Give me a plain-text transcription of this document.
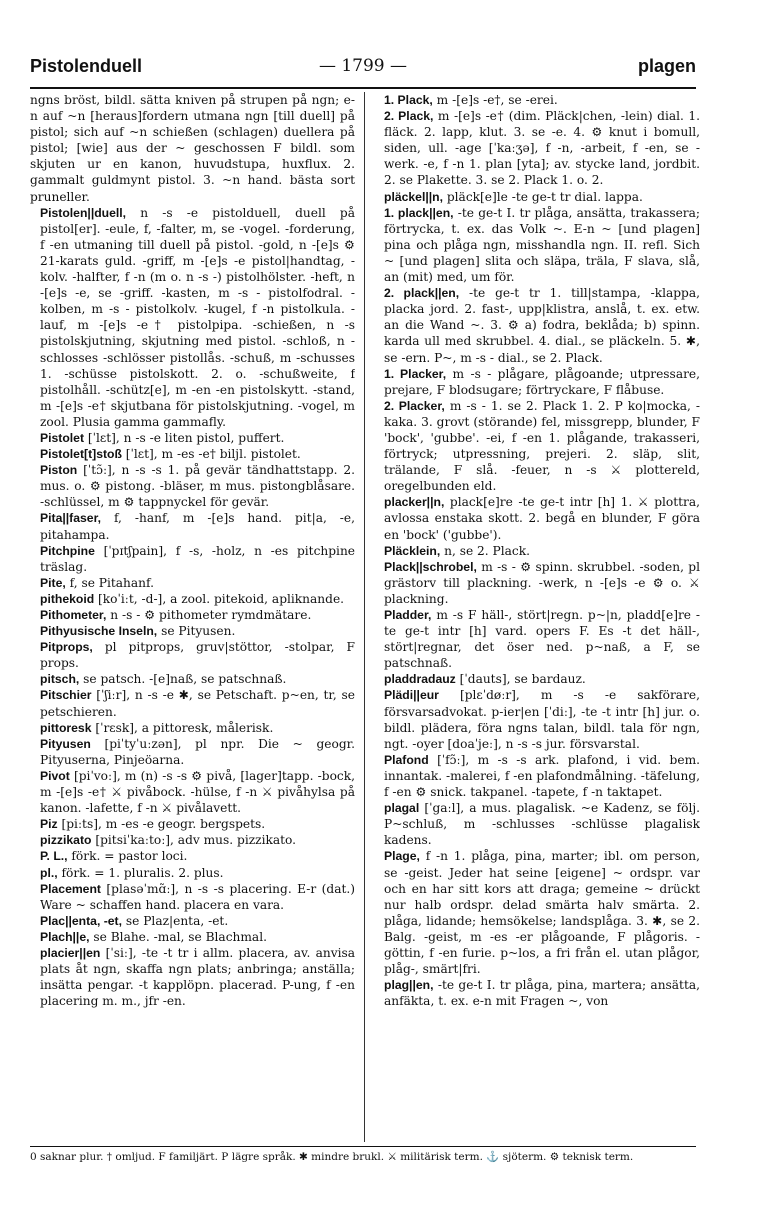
Pistolenduell	— 1799 —	plagen

ngns bröst, bildl. sätta kniven på strupen på ngn; e-n auf ~n [heraus]fordern utmana ngn [till duell] på pistol; sich auf ~n schießen (schlagen) duellera på pistol; [wie] aus der ~ geschossen F bildl. som skjuten ur en kanon, huvudstupa, huxflux. 2. gammalt guldmynt pistol. 3. ~n hand. bästa sort pruneller.

Pistolen||duell, n -s -e pistolduell, duell på pistol[er]. -eule, f, -falter, m, se -vogel. -forderung, f -en utmaning till duell på pistol. -gold, n -[e]s ⚙ 21-karats guld. -griff, m -[e]s -e pistol|handtag, -kolv. -halfter, f -n (m o. n -s -) pistolhölster. -heft, n -[e]s -e, se -griff. -kasten, m -s - pistolfodral. -kolben, m -s - pistolkolv. -kugel, f -n pistolkula. -lauf, m -[e]s -e† pistolpipa. -schießen, n -s pistolskjutning, skjutning med pistol. -schloß, n -schlosses -schlösser pistollås. -schuß, m -schusses 1. -schüsse pistolskott. 2. o. -schußweite, f pistolhåll. -schütz[e], m -en -en pistolskytt. -stand, m -[e]s -e† skjutbana för pistolskjutning. -vogel, m zool. Plusia gamma gammafly.

Pistolet [ˈlɛt], n -s -e liten pistol, puffert.

Pistolet[t]stoß [ˈlɛt], m -es -e† biljl. pistolet.

Piston [ˈtɔ̃ː], n -s -s 1. på gevär tändhattstapp. 2. mus. o. ⚙ pistong. -bläser, m mus. pistongblåsare. -schlüssel, m ⚙ tappnyckel för gevär.

Pita||faser, f, -hanf, m -[e]s hand. pit|a, -e, pitahampa.

Pitchpine [ˈpɪtʃpain], f -s, -holz, n -es pitchpine träslag.

Pite, f, se Pitahanf.

pithekoid [koˈiːt, -d-], a zool. pitekoid, apliknande.

Pithometer, n -s - ⚙ pithometer rymdmätare.

Pithyusische Inseln, se Pityusen.

Pitprops, pl pitprops, gruv|stöttor, -stolpar, F props.

pitsch, se patsch. -[e]naß, se patschnaß.

Pitschier [ˈʃiːr], n -s -e ✱, se Petschaft. p~en, tr, se petschieren.

pittoresk [ˈrɛsk], a pittoresk, målerisk.

Pityusen [piˈtyˈuːzən], pl npr. Die ~ geogr. Pityuserna, Pinjeöarna.

Pivot [piˈvoː], m (n) -s -s ⚙ pivå, [lager]tapp. -bock, m -[e]s -e† ⚔ pivåbock. -hülse, f -n ⚔ pivåhylsa på kanon. -lafette, f -n ⚔ pivålavett.

Piz [piːts], m -es -e geogr. bergspets.

pizzikato [pitsiˈkaːtoː], adv mus. pizzikato.

P. L., förk. = pastor loci.

pl., förk. = 1. pluralis. 2. plus.

Placement [plasəˈmɑ̃ː], n -s -s placering. E-r (dat.) Ware ~ schaffen hand. placera en vara.

Plac||enta, -et, se Plaz|enta, -et.

Plach||e, se Blahe. -mal, se Blachmal.

placier||en [ˈsiː], -te -t tr i allm. placera, av. anvisa plats åt ngn, skaffa ngn plats; anbringa; anställa; insätta pengar. -t kapplöpn. placerad. P-ung, f -en placering m. m., jfr -en.

1. Plack, m -[e]s -e†, se -erei.

2. Plack, m -[e]s -e† (dim. Pläck|chen, -lein) dial. 1. fläck. 2. lapp, klut. 3. se -e. 4. ⚙ knut i bomull, siden, ull. -age [ˈkaːʒə], f -n, -arbeit, f -en, se -werk. -e, f -n 1. plan [yta]; av. stycke land, jordbit. 2. se Plakette. 3. se 2. Plack 1. o. 2.

pläckel||n, pläck[e]le -te ge-t tr dial. lappa.

1. plack||en, -te ge-t I. tr plåga, ansätta, trakassera; förtrycka, t. ex. das Volk ~. E-n ~ [und plagen] pina och plåga ngn, misshandla ngn. II. refl. Sich ~ [und plagen] slita och släpa, träla, F slava, slå, an (mit) med, um för.

2. plack||en, -te ge-t tr 1. till|stampa, -klappa, placka jord. 2. fast-, upp|klistra, anslå, t. ex. etw. an die Wand ~. 3. ⚙ a) fodra, beklåda; b) spinn. karda ull med skrubbel. 4. dial., se pläckeln. 5. ✱, se -ern. P~, m -s - dial., se 2. Plack.

1. Placker, m -s - plågare, plågoande; utpressare, prejare, F blodsugare; förtryckare, F flåbuse.

2. Placker, m -s - 1. se 2. Plack 1. 2. P ko|mocka, -kaka. 3. grovt (störande) fel, missgrepp, blunder, F 'bock', 'gubbe'. -ei, f -en 1. plågande, trakasseri, förtryck; utpressning, prejeri. 2. släp, slit, trälande, F slå. -feuer, n -s ⚔ plottereld, oregelbunden eld.

placker||n, plack[e]re -te ge-t intr [h] 1. ⚔ plottra, avlossa enstaka skott. 2. begå en blunder, F göra en 'bock' ('gubbe').

Pläcklein, n, se 2. Plack.

Plack||schrobel, m -s - ⚙ spinn. skrubbel. -soden, pl grästorv till plackning. -werk, n -[e]s -e ⚙ o. ⚔ plackning.

Pladder, m -s F häll-, stört|regn. p~|n, pladd[e]re -te ge-t intr [h] vard. opers F. Es -t det häll-, stört|regnar, det öser ned. p~naß, a F, se patschnaß.

pladdradauz [ˈdauts], se bardauz.

Plädi||eur [plɛˈdøːr], m -s -e sakförare, försvarsadvokat. p-ier|en [ˈdiː], -te -t intr [h] jur. o. bildl. plädera, föra ngns talan, bildl. tala för ngn, ngt. -oyer [doaˈjeː], n -s -s jur. försvarstal.

Plafond [ˈfɔ̃ː], m -s -s ark. plafond, i vid. bem. innantak. -malerei, f -en plafondmålning. -täfelung, f -en ⚙ snick. takpanel. -tapete, f -n taktapet.

plagal [ˈgaːl], a mus. plagalisk. ~e Kadenz, se följ. P~schluß, m -schlusses -schlüsse plagalisk kadens.

Plage, f -n 1. plåga, pina, marter; ibl. om person, se -geist. Jeder hat seine [eigene] ~ ordspr. var och en har sitt kors att draga; gemeine ~ drückt nur halb ordspr. delad smärta halv smärta. 2. plåga, lidande; hemsökelse; landsplåga. 3. ✱, se 2. Balg. -geist, m -es -er plågoande, F plågoris. -göttin, f -en furie. p~los, a fri från el. utan plågor, plåg-, smärt|fri.

plag||en, -te ge-t I. tr plåga, pina, martera; ansätta, anfäkta, t. ex. e-n mit Fragen ~, von

0 saknar plur. † omljud. F familjärt. P lägre språk. ✱ mindre brukl. ⚔ militärisk term. ⚓ sjöterm. ⚙ teknisk term.
